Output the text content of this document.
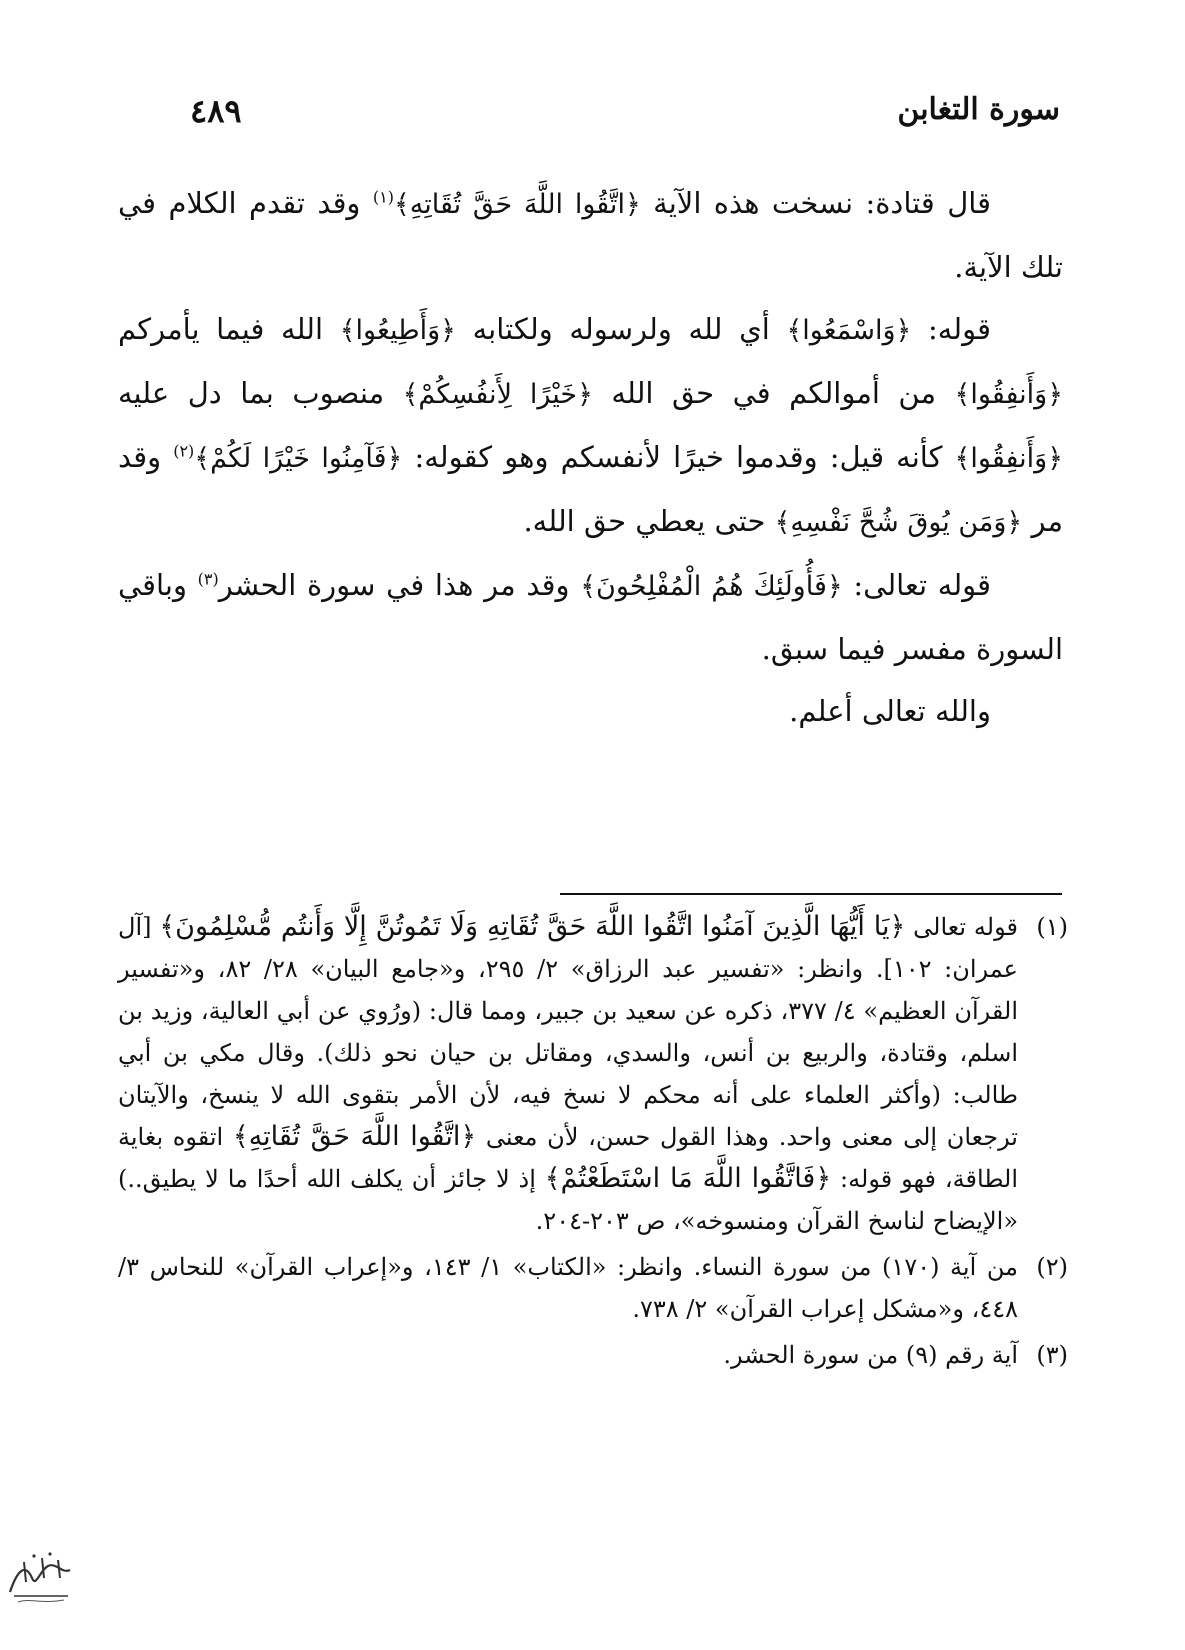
سورة التغابن
٤٨٩

قال قتادة: نسخت هذه الآية ﴿اتَّقُوا اللَّهَ حَقَّ تُقَاتِهِ﴾$^{(١)}$ وقد تقدم الكلام في تلك الآية.

قوله: ﴿وَاسْمَعُوا﴾ أي لله ولرسوله ولكتابه ﴿وَأَطِيعُوا﴾ الله فيما يأمركم ﴿وَأَنفِقُوا﴾ من أموالكم في حق الله ﴿خَيْرًا لِأَنفُسِكُمْ﴾ منصوب بما دل عليه ﴿وَأَنفِقُوا﴾ كأنه قيل: وقدموا خيرًا لأنفسكم وهو كقوله: ﴿فَآمِنُوا خَيْرًا لَكُمْ﴾$^{(٢)}$ وقد مر ﴿وَمَن يُوقَ شُحَّ نَفْسِهِ﴾ حتى يعطي حق الله.

قوله تعالى: ﴿فَأُولَئِكَ هُمُ الْمُفْلِحُونَ﴾ وقد مر هذا في سورة الحشر$^{(٣)}$ وباقي السورة مفسر فيما سبق.

والله تعالى أعلم.

(١)
قوله تعالى ﴿يَا أَيُّهَا الَّذِينَ آمَنُوا اتَّقُوا اللَّهَ حَقَّ تُقَاتِهِ وَلَا تَمُوتُنَّ إِلَّا وَأَنتُم مُّسْلِمُونَ﴾ [آل عمران: ١٠٢]. وانظر: «تفسير عبد الرزاق» ٢/ ٢٩٥، و«جامع البيان» ٢٨/ ٨٢، و«تفسير القرآن العظيم» ٤/ ٣٧٧، ذكره عن سعيد بن جبير، ومما قال: (ورُوي عن أبي العالية، وزيد بن اسلم، وقتادة، والربيع بن أنس، والسدي، ومقاتل بن حيان نحو ذلك). وقال مكي بن أبي طالب: (وأكثر العلماء على أنه محكم لا نسخ فيه، لأن الأمر بتقوى الله لا ينسخ، والآيتان ترجعان إلى معنى واحد. وهذا القول حسن، لأن معنى ﴿اتَّقُوا اللَّهَ حَقَّ تُقَاتِهِ﴾ اتقوه بغاية الطاقة، فهو قوله: ﴿فَاتَّقُوا اللَّهَ مَا اسْتَطَعْتُمْ﴾ إذ لا جائز أن يكلف الله أحدًا ما لا يطيق..) «الإيضاح لناسخ القرآن ومنسوخه»، ص ٢٠٣-٢٠٤.
(٢)
من آية (١٧٠) من سورة النساء. وانظر: «الكتاب» ١/ ١٤٣، و«إعراب القرآن» للنحاس ٣/ ٤٤٨، و«مشكل إعراب القرآن» ٢/ ٧٣٨.
(٣)
آية رقم (٩) من سورة الحشر.
